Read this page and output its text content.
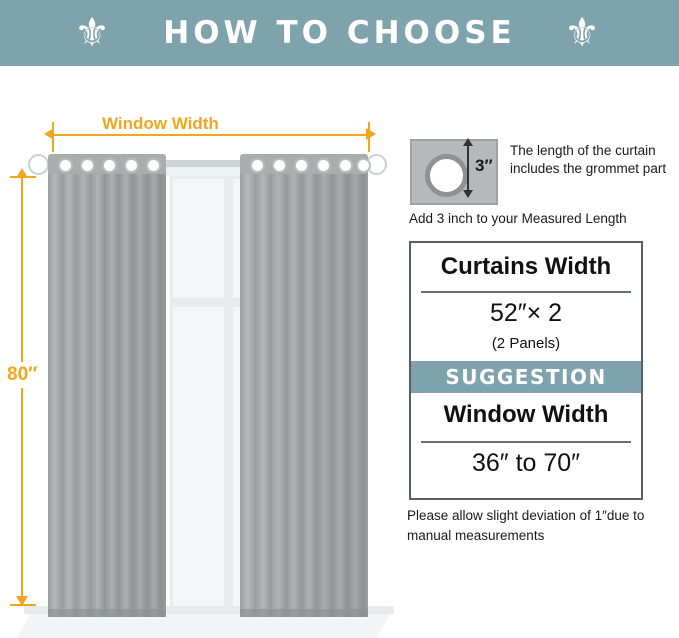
⚜	⚜
HOW TO CHOOSE
Window Width
80″
3″
The length of the curtain includes the grommet part
Add 3 inch to your Measured Length
Curtains Width
52″× 2
(2 Panels)
SUGGESTION
Window Width
36″ to 70″
Please allow slight deviation of 1″due to manual measurements
